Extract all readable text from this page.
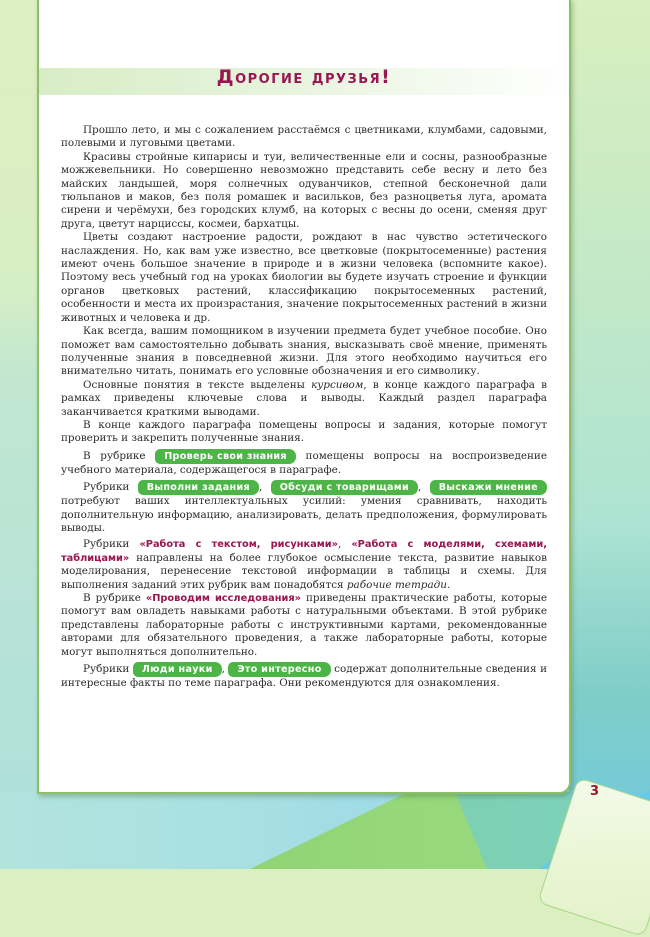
Дорогие друзья!

Прошло лето, и мы с сожалением расстаёмся с цветниками, клумбами, садовыми, полевыми и луговыми цветами.

Красивы стройные кипарисы и туи, величественные ели и сосны, разнообразные можжевельники. Но совершенно невозможно представить себе весну и лето без майских ландышей, моря солнечных одуванчиков, степной бесконечной дали тюльпанов и маков, без поля ромашек и васильков, без разноцветья луга, аромата сирени и черёмухи, без городских клумб, на которых с весны до осени, сменяя друг друга, цветут нарциссы, космеи, бархатцы.

Цветы создают настроение радости, рождают в нас чувство эстетического наслаждения. Но, как вам уже известно, все цветковые (покрытосеменные) растения имеют очень большое значение в природе и в жизни человека (вспомните какое). Поэтому весь учебный год на уроках биологии вы будете изучать строение и функции органов цветковых растений, классификацию покрытосеменных растений, особенности и места их произрастания, значение покрытосеменных растений в жизни животных и человека и др.

Как всегда, вашим помощником в изучении предмета будет учебное пособие. Оно поможет вам самостоятельно добывать знания, высказывать своё мнение, применять полученные знания в повседневной жизни. Для этого необходимо научиться его внимательно читать, понимать его условные обозначения и его символику.

Основные понятия в тексте выделены курсивом, в конце каждого параграфа в рамках приведены ключевые слова и выводы. Каждый раздел параграфа заканчивается краткими выводами.

В конце каждого параграфа помещены вопросы и задания, которые помогут проверить и закрепить полученные знания.

В рубрике Проверь свои знания помещены вопросы на воспроизведение учебного материала, содержащегося в параграфе.

Рубрики Выполни задания , Обсуди с товарищами , Выскажи мнение потребуют ваших интеллектуальных усилий: умения сравнивать, находить дополнительную информацию, анализировать, делать предположения, формулировать выводы.

Рубрики «Работа с текстом, рисунками», «Работа с моделями, схемами, таблицами» направлены на более глубокое осмысление текста, развитие навыков моделирования, перенесение текстовой информации в таблицы и схемы. Для выполнения заданий этих рубрик вам понадобятся рабочие тетради.

В рубрике «Проводим исследования» приведены практические работы, которые помогут вам овладеть навыками работы с натуральными объектами. В этой рубрике представлены лабораторные работы с инструктивными картами, рекомендованные авторами для обязательного проведения, а также лабораторные работы, которые могут выполняться дополнительно.

Рубрики Люди науки , Это интересно содержат дополнительные сведения и интересные факты по теме параграфа. Они рекомендуются для ознакомления.

3
